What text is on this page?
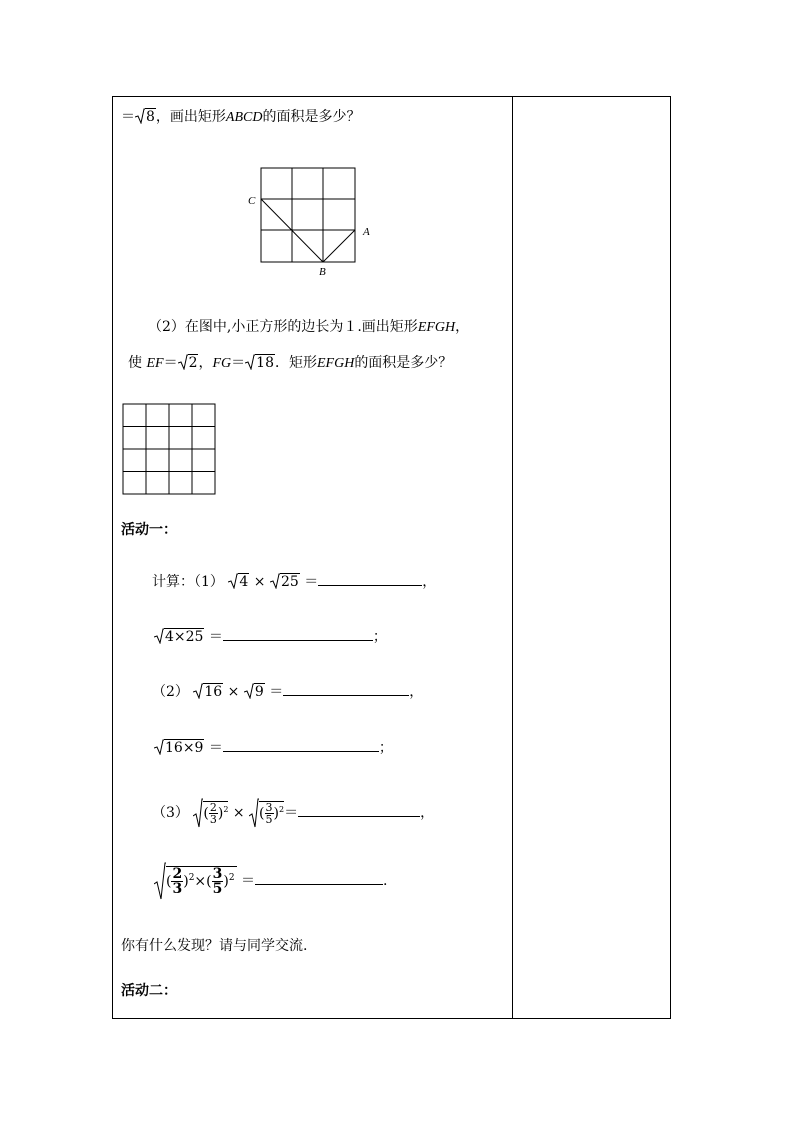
＝ 8，画出矩形ABCD的面积是多少？
C
A
B
（2）在图中,小正方形的边长为１.画出矩形EFGH，
使 EF＝ 2，FG＝ 18．矩形EFGH的面积是多少？
活动一：
计算：（1） 4 × 25 ＝	，
4×25 ＝	；
（2） 16 × 9 ＝	，
16×9 ＝	；
（3） ( $\frac{2}{3} )^2$ × ( $\frac{3}{5} )^2=$	，
( $\frac{2}{3} )^2\times( \frac{3}{5} )^2$ ＝	.
你有什么发现？请与同学交流.
活动二：
